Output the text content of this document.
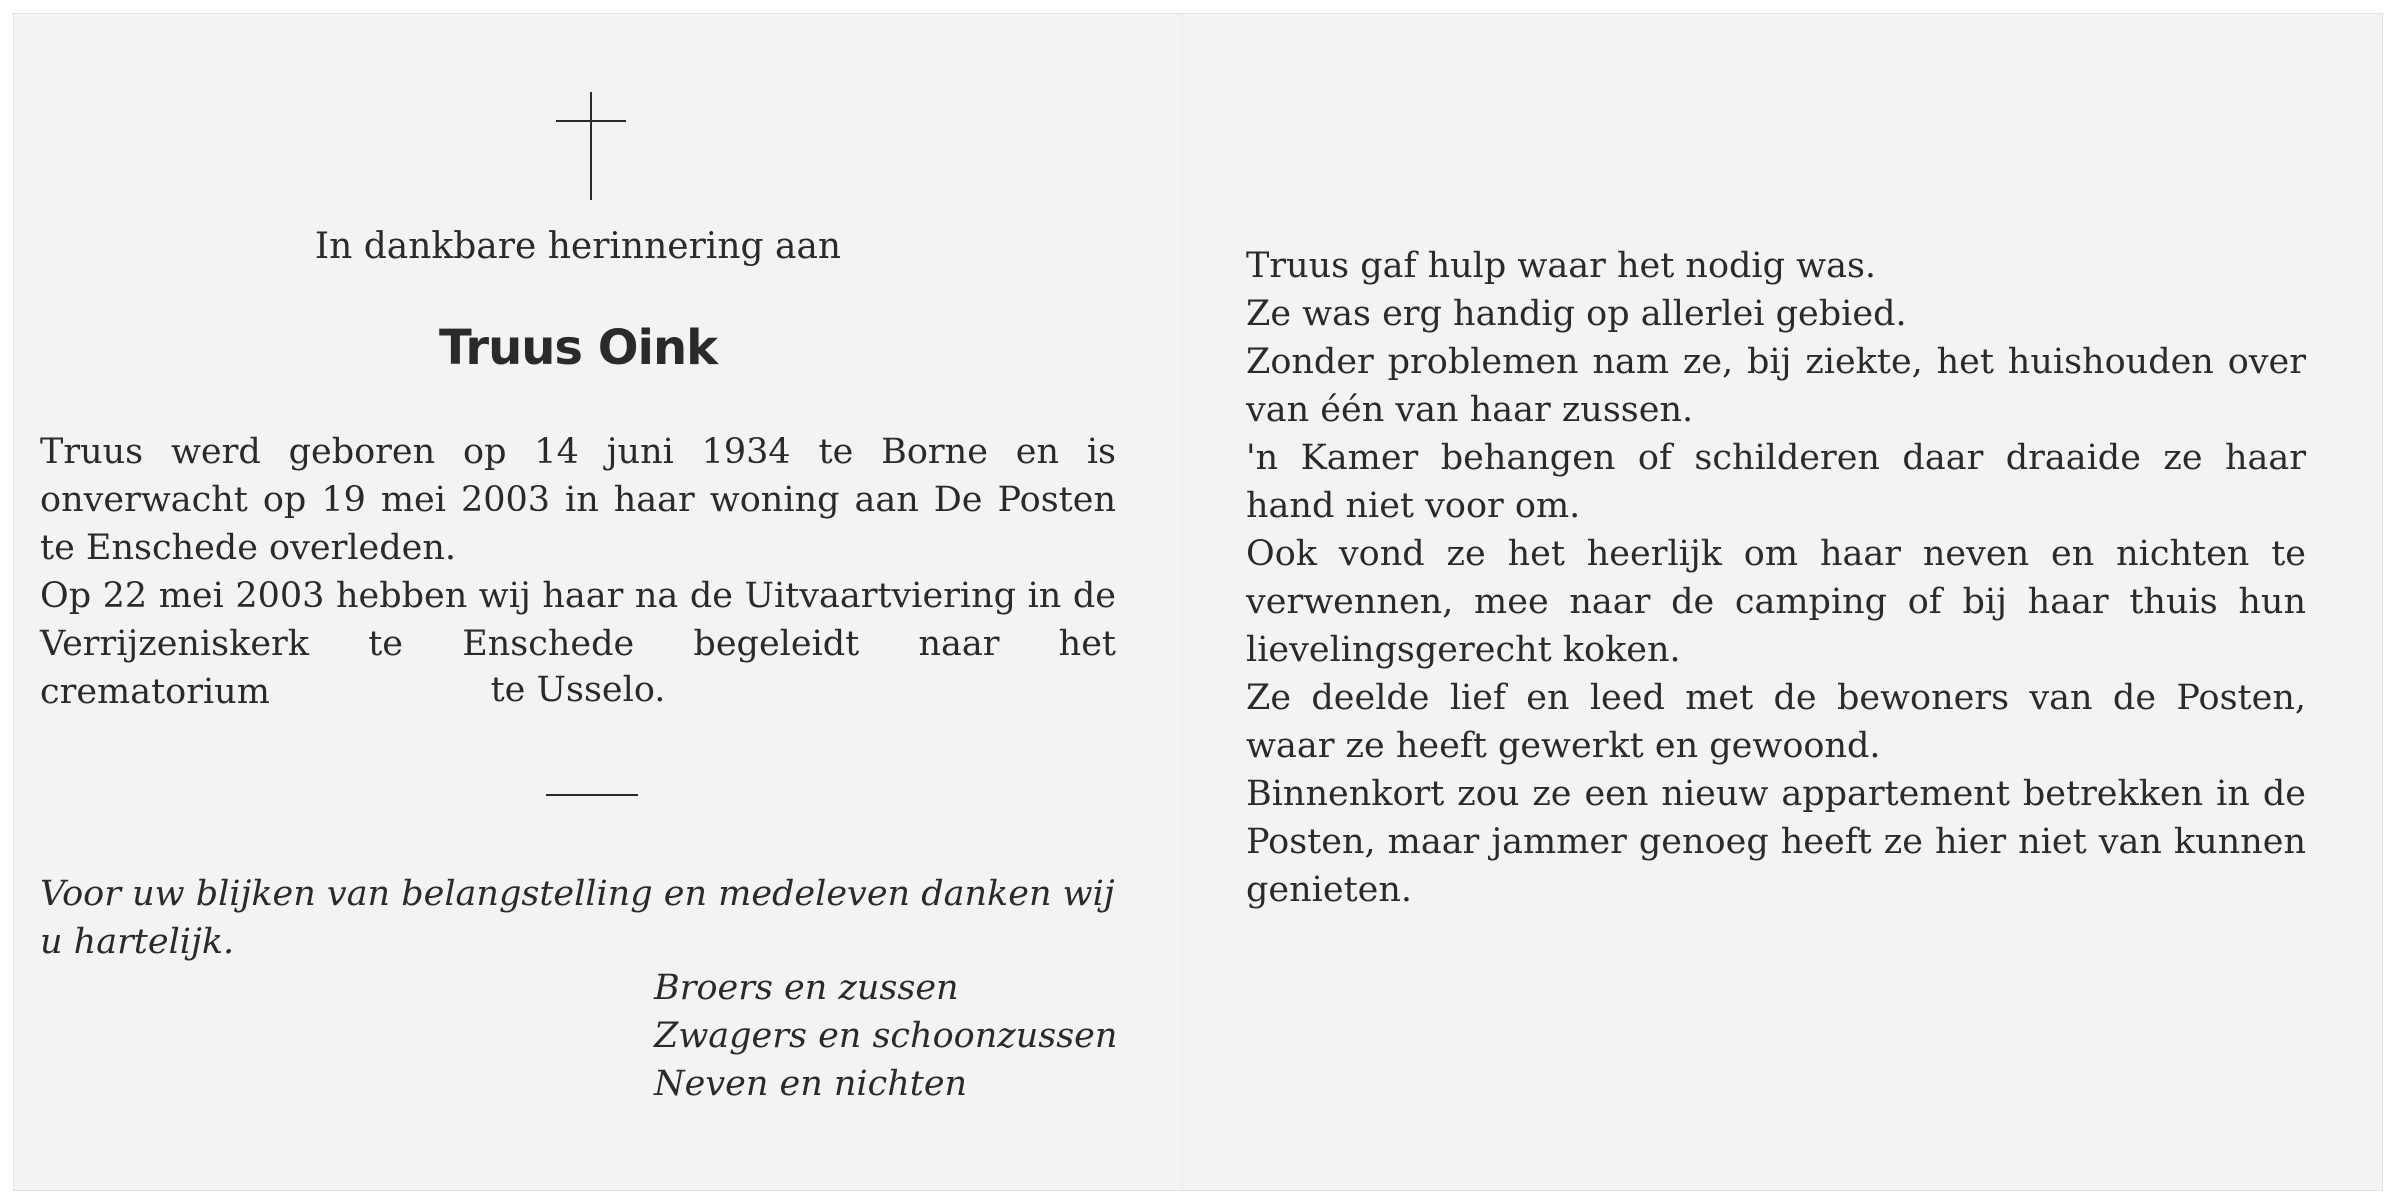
In dankbare herinnering aan
Truus Oink

Truus werd geboren op 14 juni 1934 te Borne en is onverwacht op 19 mei 2003 in haar woning aan De Posten te Enschede overleden.

Op 22 mei 2003 hebben wij haar na de Uitvaartviering in de Verrijzeniskerk te Enschede begeleidt naar het crematorium	te Usselo.

Voor uw blijken van belangstelling en medeleven danken wij u hartelijk.

Broers en zussen
Zwagers en schoonzussen
Neven en nichten

Truus gaf hulp waar het nodig was.

Ze was erg handig op allerlei gebied.

Zonder problemen nam ze, bij ziekte, het huishouden over van één van haar zussen.

'n Kamer behangen of schilderen daar draaide ze haar hand niet voor om.

Ook vond ze het heerlijk om haar neven en nichten te verwennen, mee naar de camping of bij haar thuis hun lievelingsgerecht koken.

Ze deelde lief en leed met de bewoners van de Posten, waar ze heeft gewerkt en gewoond.

Binnenkort zou ze een nieuw appartement betrekken in de Posten, maar jammer genoeg heeft ze hier niet van kunnen genieten.
